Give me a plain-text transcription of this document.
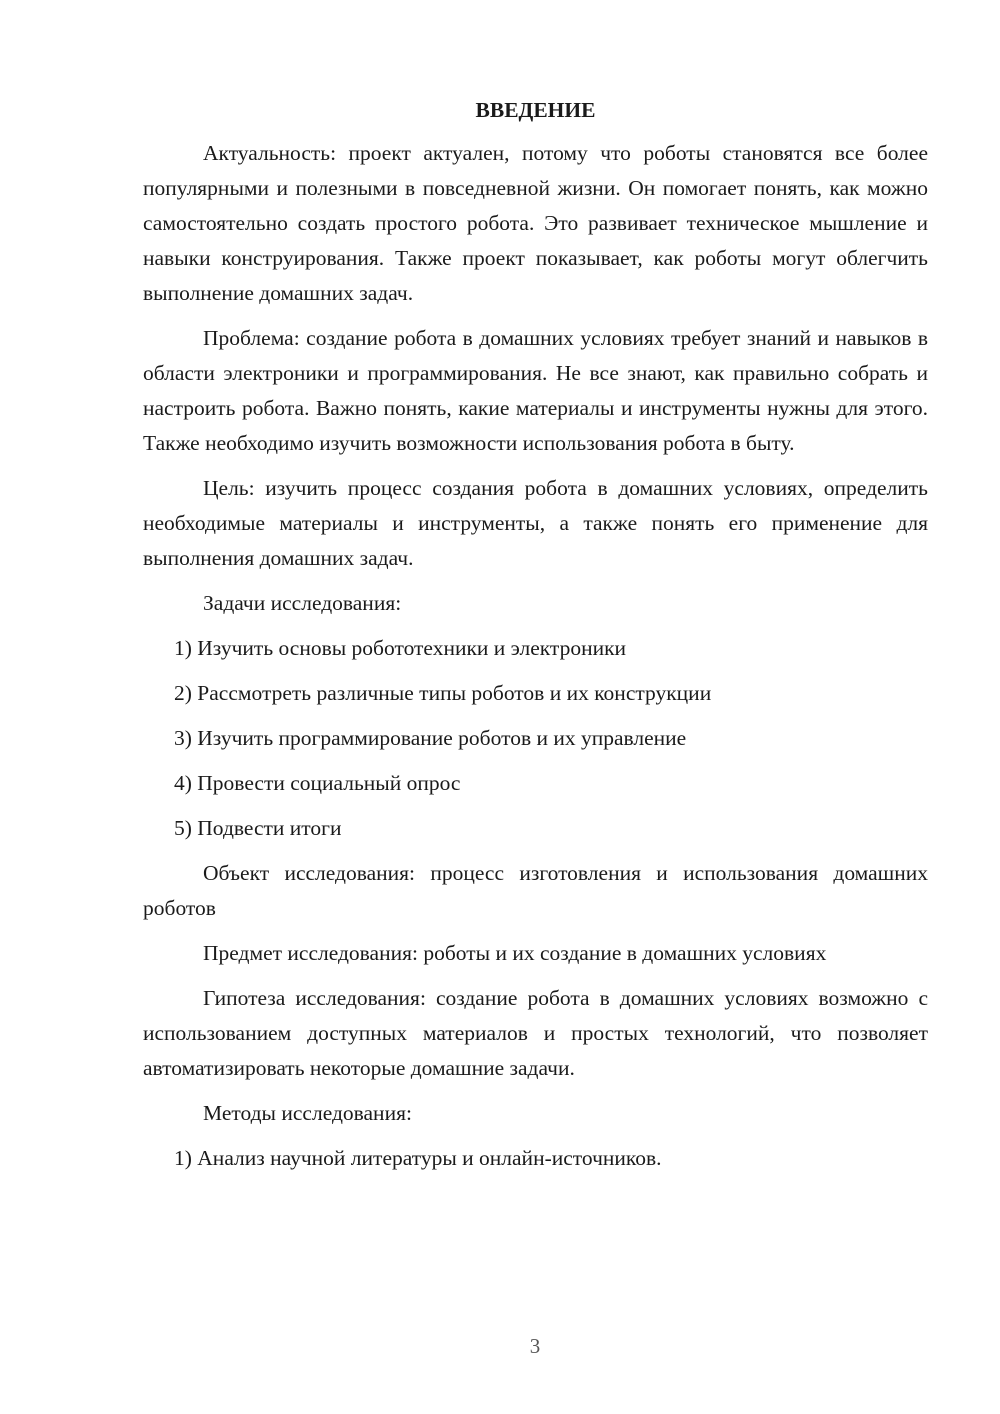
ВВЕДЕНИЕ

Актуальность: проект актуален, потому что роботы становятся все более популярными и полезными в повседневной жизни. Он помогает понять, как можно самостоятельно создать простого робота. Это развивает техническое мышление и навыки конструирования. Также проект показывает, как роботы могут облегчить выполнение домашних задач.

Проблема: создание робота в домашних условиях требует знаний и навыков в области электроники и программирования. Не все знают, как правильно собрать и настроить робота. Важно понять, какие материалы и инструменты нужны для этого. Также необходимо изучить возможности использования робота в быту.

Цель: изучить процесс создания робота в домашних условиях, определить необходимые материалы и инструменты, а также понять его применение для выполнения домашних задач.

Задачи исследования:

1) Изучить основы робототехники и электроники

2) Рассмотреть различные типы роботов и их конструкции

3) Изучить программирование роботов и их управление

4) Провести социальный опрос

5) Подвести итоги

Объект исследования: процесс изготовления и использования домашних роботов

Предмет исследования: роботы и их создание в домашних условиях

Гипотеза исследования: создание робота в домашних условиях возможно с использованием доступных материалов и простых технологий, что позволяет автоматизировать некоторые домашние задачи.

Методы исследования:

1) Анализ научной литературы и онлайн-источников.

3
